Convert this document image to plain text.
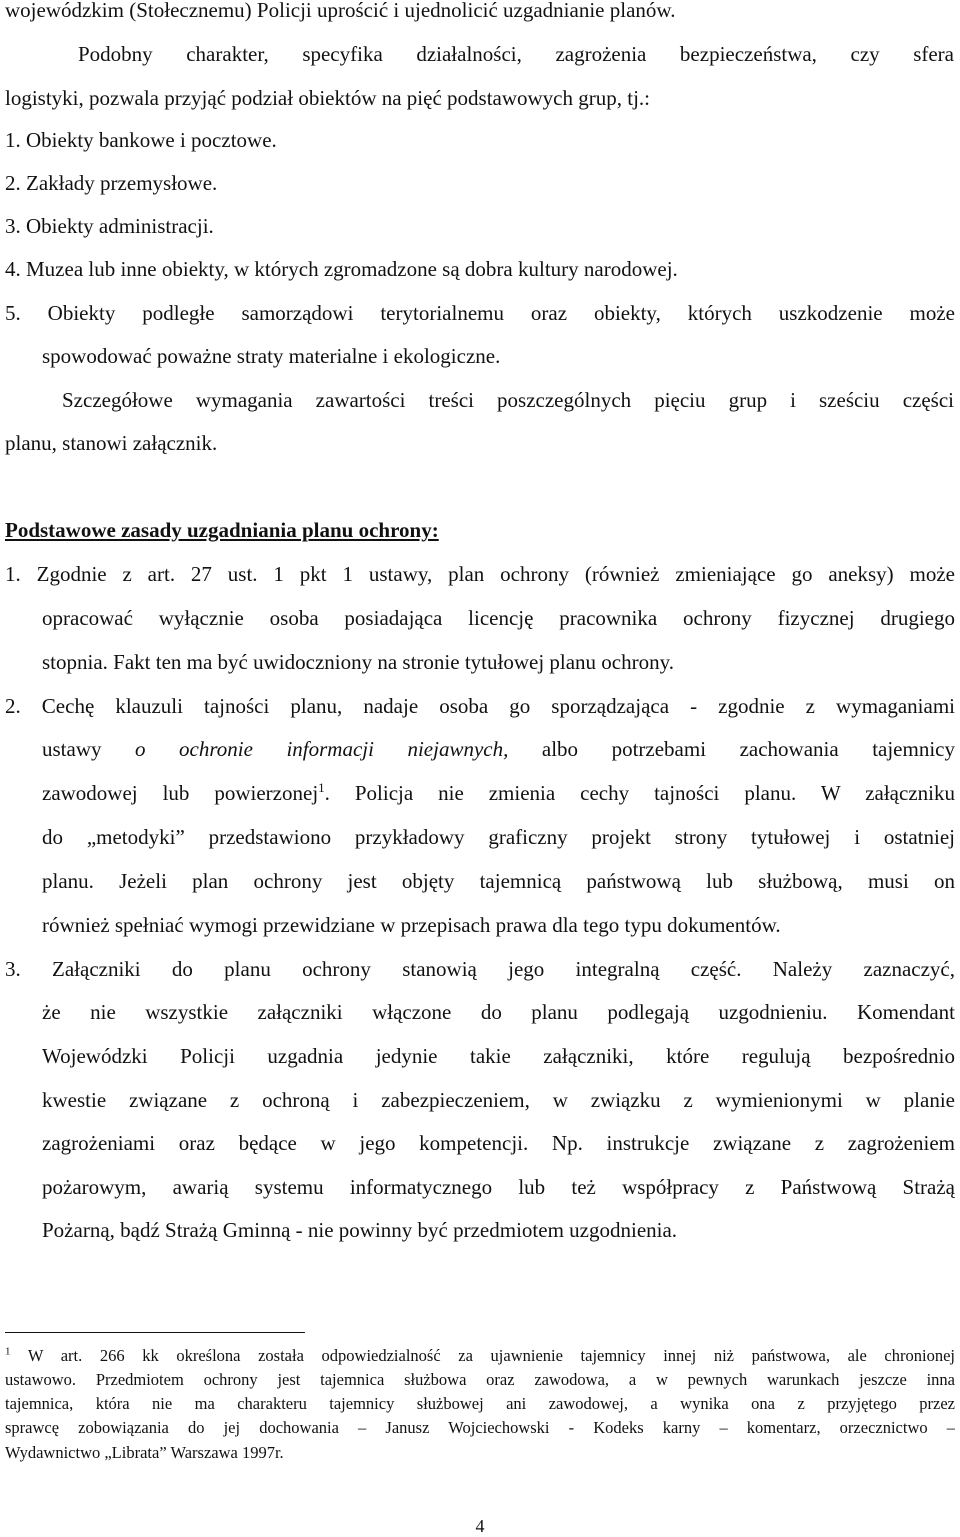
wojewódzkim (Stołecznemu) Policji uprościć i ujednolicić uzgadnianie planów.

Podobny charakter, specyfika działalności, zagrożenia bezpieczeństwa, czy sfera

logistyki, pozwala przyjąć podział obiektów na pięć podstawowych grup, tj.:

1. Obiekty bankowe i pocztowe.

2. Zakłady przemysłowe.

3. Obiekty administracji.

4. Muzea lub inne obiekty, w których zgromadzone są dobra kultury narodowej.

5. Obiekty podległe samorządowi terytorialnemu oraz obiekty, których uszkodzenie może

spowodować poważne straty materialne i ekologiczne.

Szczegółowe wymagania zawartości treści poszczególnych pięciu grup i sześciu części

planu, stanowi załącznik.

Podstawowe zasady uzgadniania planu ochrony:

1. Zgodnie z art. 27 ust. 1 pkt 1 ustawy, plan ochrony (również zmieniające go aneksy) może

opracować wyłącznie osoba posiadająca licencję pracownika ochrony fizycznej drugiego

stopnia. Fakt ten ma być uwidoczniony na stronie tytułowej planu ochrony.

2. Cechę klauzuli tajności planu, nadaje osoba go sporządzająca - zgodnie z wymaganiami

ustawy o ochronie informacji niejawnych, albo potrzebami zachowania tajemnicy

zawodowej lub powierzonej$^1$. Policja nie zmienia cechy tajności planu. W załączniku

do „metodyki” przedstawiono przykładowy graficzny projekt strony tytułowej i ostatniej

planu. Jeżeli plan ochrony jest objęty tajemnicą państwową lub służbową, musi on

również spełniać wymogi przewidziane w przepisach prawa dla tego typu dokumentów.

3. Załączniki do planu ochrony stanowią jego integralną część. Należy zaznaczyć,

że nie wszystkie załączniki włączone do planu podlegają uzgodnieniu. Komendant

Wojewódzki Policji uzgadnia jedynie takie załączniki, które regulują bezpośrednio

kwestie związane z ochroną i zabezpieczeniem, w związku z wymienionymi w planie

zagrożeniami oraz będące w jego kompetencji. Np. instrukcje związane z zagrożeniem

pożarowym, awarią systemu informatycznego lub też współpracy z Państwową Strażą

Pożarną, bądź Strażą Gminną - nie powinny być przedmiotem uzgodnienia.

$^1$ W art. 266 kk określona została odpowiedzialność za ujawnienie tajemnicy innej niż państwowa, ale chronionej

ustawowo. Przedmiotem ochrony jest tajemnica służbowa oraz zawodowa, a w pewnych warunkach jeszcze inna

tajemnica, która nie ma charakteru tajemnicy służbowej ani zawodowej, a wynika ona z przyjętego przez

sprawcę zobowiązania do jej dochowania – Janusz Wojciechowski - Kodeks karny – komentarz, orzecznictwo –

Wydawnictwo „Librata” Warszawa 1997r.

4
